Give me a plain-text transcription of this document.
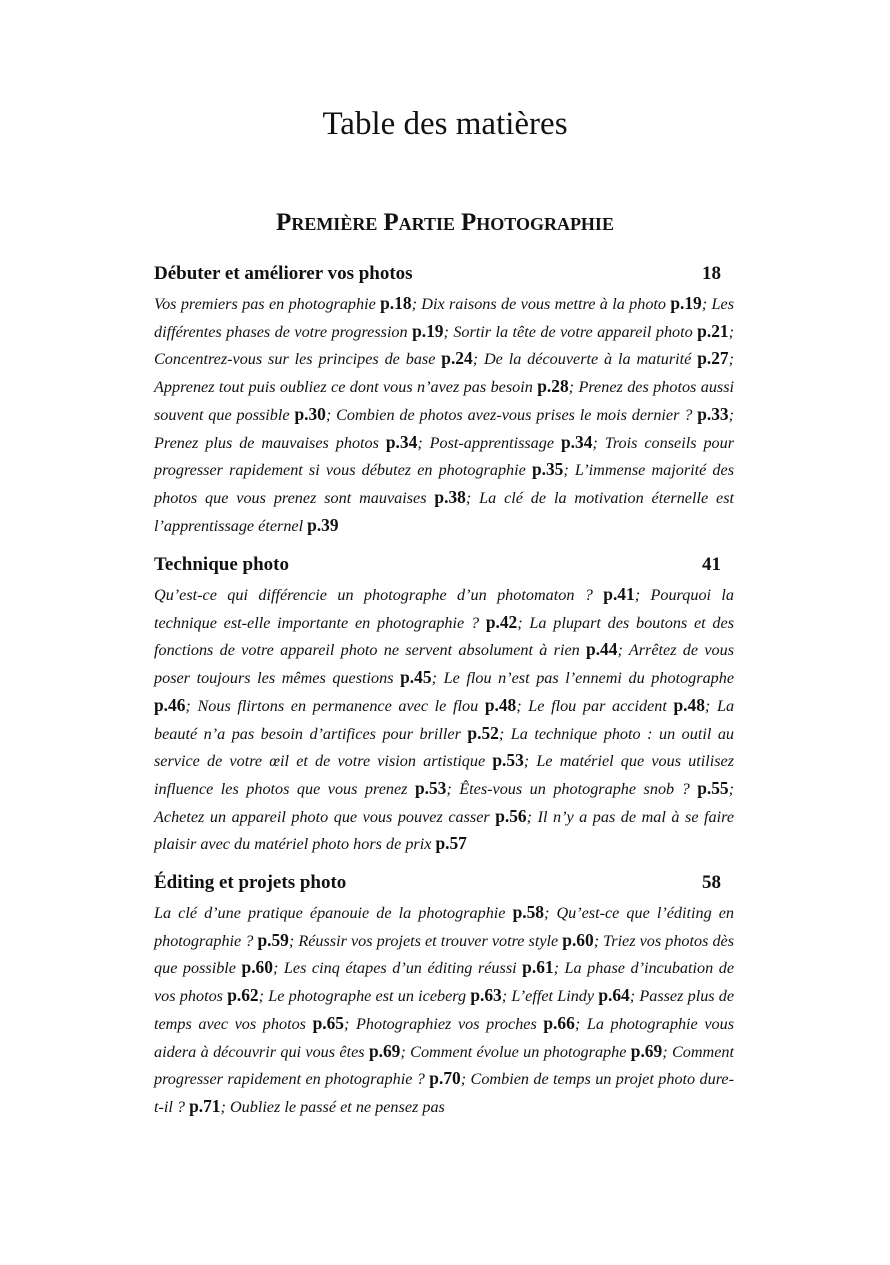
Table des matières
Première Partie Photographie
Débuter et améliorer vos photos	18

Vos premiers pas en photographie p.18; Dix raisons de vous mettre à la photo p.19; Les différentes phases de votre progression p.19; Sortir la tête de votre appareil photo p.21; Concentrez-vous sur les principes de base p.24; De la découverte à la maturité p.27; Apprenez tout puis oubliez ce dont vous n’avez pas besoin p.28; Prenez des photos aussi souvent que possible p.30; Combien de photos avez-vous prises le mois dernier ? p.33; Prenez plus de mauvaises photos p.34; Post-apprentissage p.34; Trois conseils pour progresser rapidement si vous débutez en photographie p.35; L’immense majorité des photos que vous prenez sont mauvaises p.38; La clé de la motivation éternelle est l’apprentissage éternel p.39

Technique photo	41

Qu’est-ce qui différencie un photographe d’un photomaton ? p.41; Pourquoi la technique est-elle importante en photographie ? p.42; La plupart des boutons et des fonctions de votre appareil photo ne servent absolument à rien p.44; Arrêtez de vous poser toujours les mêmes questions p.45; Le flou n’est pas l’ennemi du photographe p.46; Nous flirtons en permanence avec le flou p.48; Le flou par accident p.48; La beauté n’a pas besoin d’artifices pour briller p.52; La technique photo : un outil au service de votre œil et de votre vision artistique p.53; Le matériel que vous utilisez influence les photos que vous prenez p.53; Êtes-vous un photographe snob ? p.55; Achetez un appareil photo que vous pouvez casser p.56; Il n’y a pas de mal à se faire plaisir avec du matériel photo hors de prix p.57

Éditing et projets photo	58

La clé d’une pratique épanouie de la photographie p.58; Qu’est-ce que l’éditing en photographie ? p.59; Réussir vos projets et trouver votre style p.60; Triez vos photos dès que possible p.60; Les cinq étapes d’un éditing réussi p.61; La phase d’incubation de vos photos p.62; Le photographe est un iceberg p.63; L’effet Lindy p.64; Passez plus de temps avec vos photos p.65; Photographiez vos proches p.66; La photographie vous aidera à découvrir qui vous êtes p.69; Comment évolue un photographe p.69; Comment progresser rapidement en photographie ? p.70; Combien de temps un projet photo dure-t-il ? p.71; Oubliez le passé et ne pensez pas
